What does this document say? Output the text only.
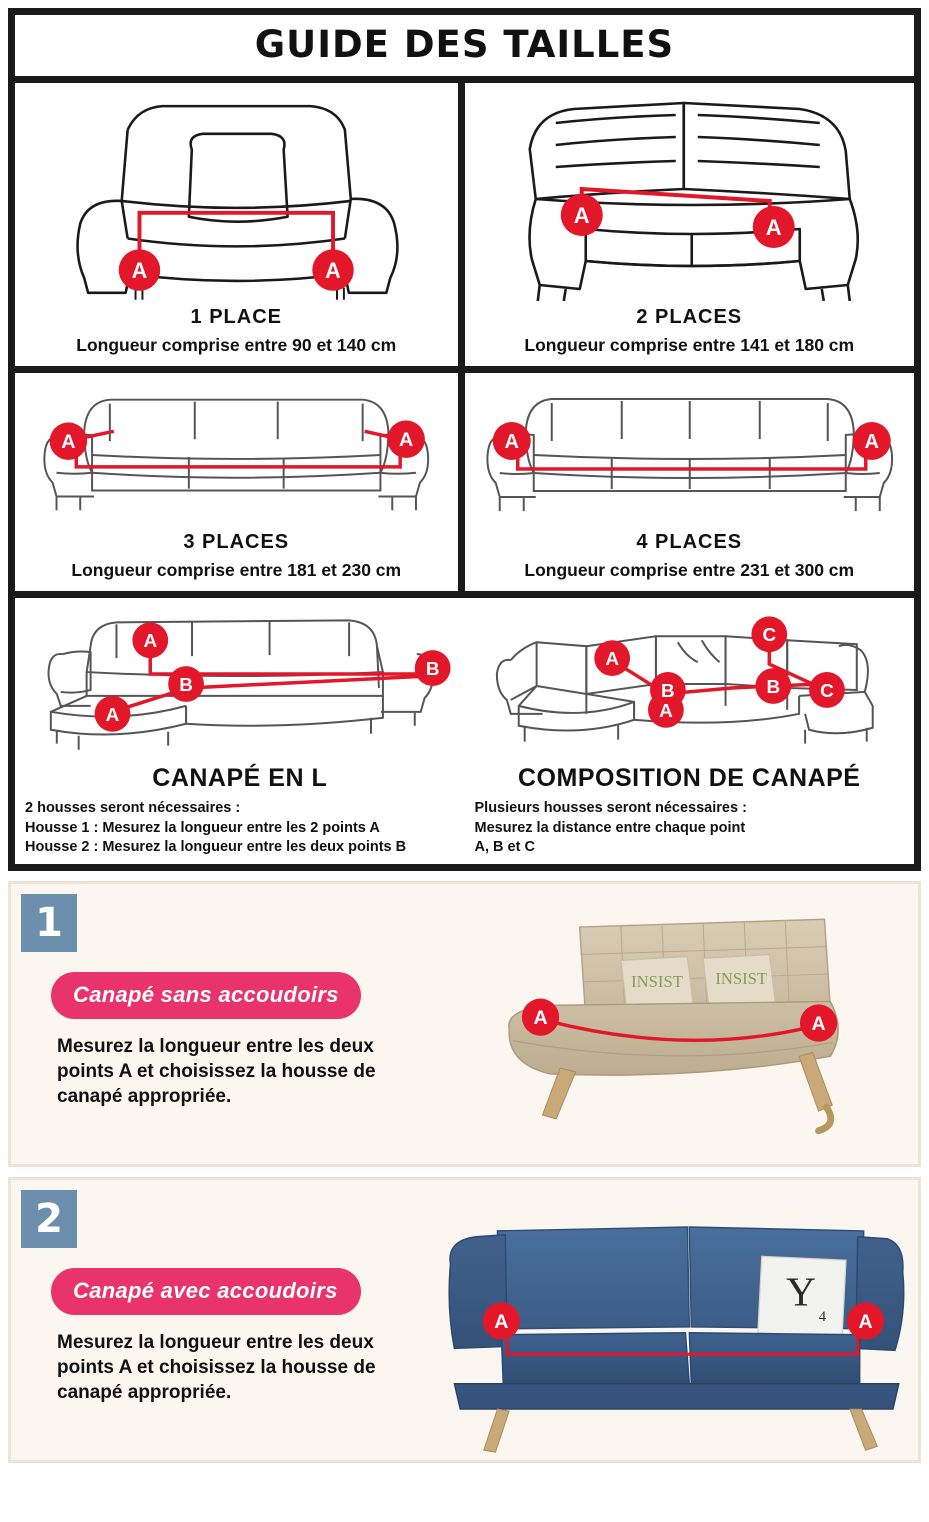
GUIDE DES TAILLES
A	A
1 PLACE
Longueur comprise entre 90 et 140 cm
A	A
2 PLACES
Longueur comprise entre 141 et 180 cm
A	A
3 PLACES
Longueur comprise entre 181 et 230 cm
A	A
4 PLACES
Longueur comprise entre 231 et 300 cm
A
A
B
B
CANAPÉ EN L
2 housses seront nécessaires :
Housse 1 : Mesurez la longueur entre les 2 points A
Housse 2 : Mesurez la longueur entre les deux points B
A
A
B	B
C
C
COMPOSITION DE CANAPÉ
Plusieurs housses seront nécessaires :
Mesurez la distance entre chaque point
A, B et C
1
INSIST INSIST
A	A
Canapé sans accoudoirs
Mesurez la longueur entre les deux points A et choisissez la housse de canapé appropriée.
2
Y
4
A	A
Canapé avec accoudoirs
Mesurez la longueur entre les deux points A et choisissez la housse de canapé appropriée.
